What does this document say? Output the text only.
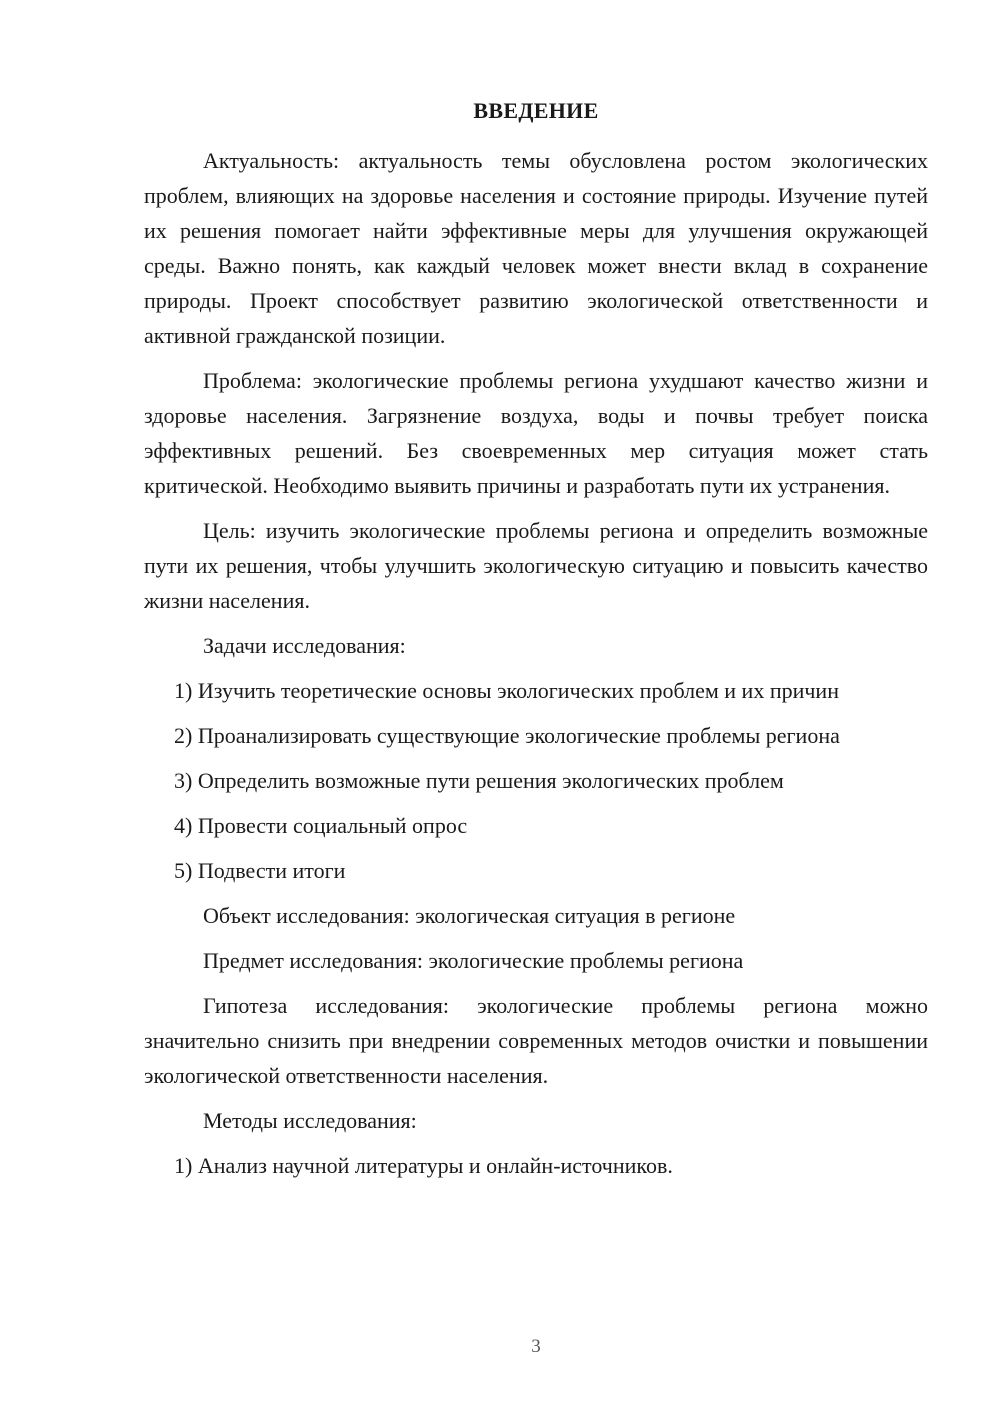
ВВЕДЕНИЕ

Актуальность: актуальность темы обусловлена ростом экологических проблем, влияющих на здоровье населения и состояние природы. Изучение путей их решения помогает найти эффективные меры для улучшения окружающей среды. Важно понять, как каждый человек может внести вклад в сохранение природы. Проект способствует развитию экологической ответственности и активной гражданской позиции.

Проблема: экологические проблемы региона ухудшают качество жизни и здоровье населения. Загрязнение воздуха, воды и почвы требует поиска эффективных решений. Без своевременных мер ситуация может стать критической. Необходимо выявить причины и разработать пути их устранения.

Цель: изучить экологические проблемы региона и определить возможные пути их решения, чтобы улучшить экологическую ситуацию и повысить качество жизни населения.

Задачи исследования:

1) Изучить теоретические основы экологических проблем и их причин

2) Проанализировать существующие экологические проблемы региона

3) Определить возможные пути решения экологических проблем

4) Провести социальный опрос

5) Подвести итоги

Объект исследования: экологическая ситуация в регионе

Предмет исследования: экологические проблемы региона

Гипотеза исследования: экологические проблемы региона можно значительно снизить при внедрении современных методов очистки и повышении экологической ответственности населения.

Методы исследования:

1) Анализ научной литературы и онлайн-источников.

3
